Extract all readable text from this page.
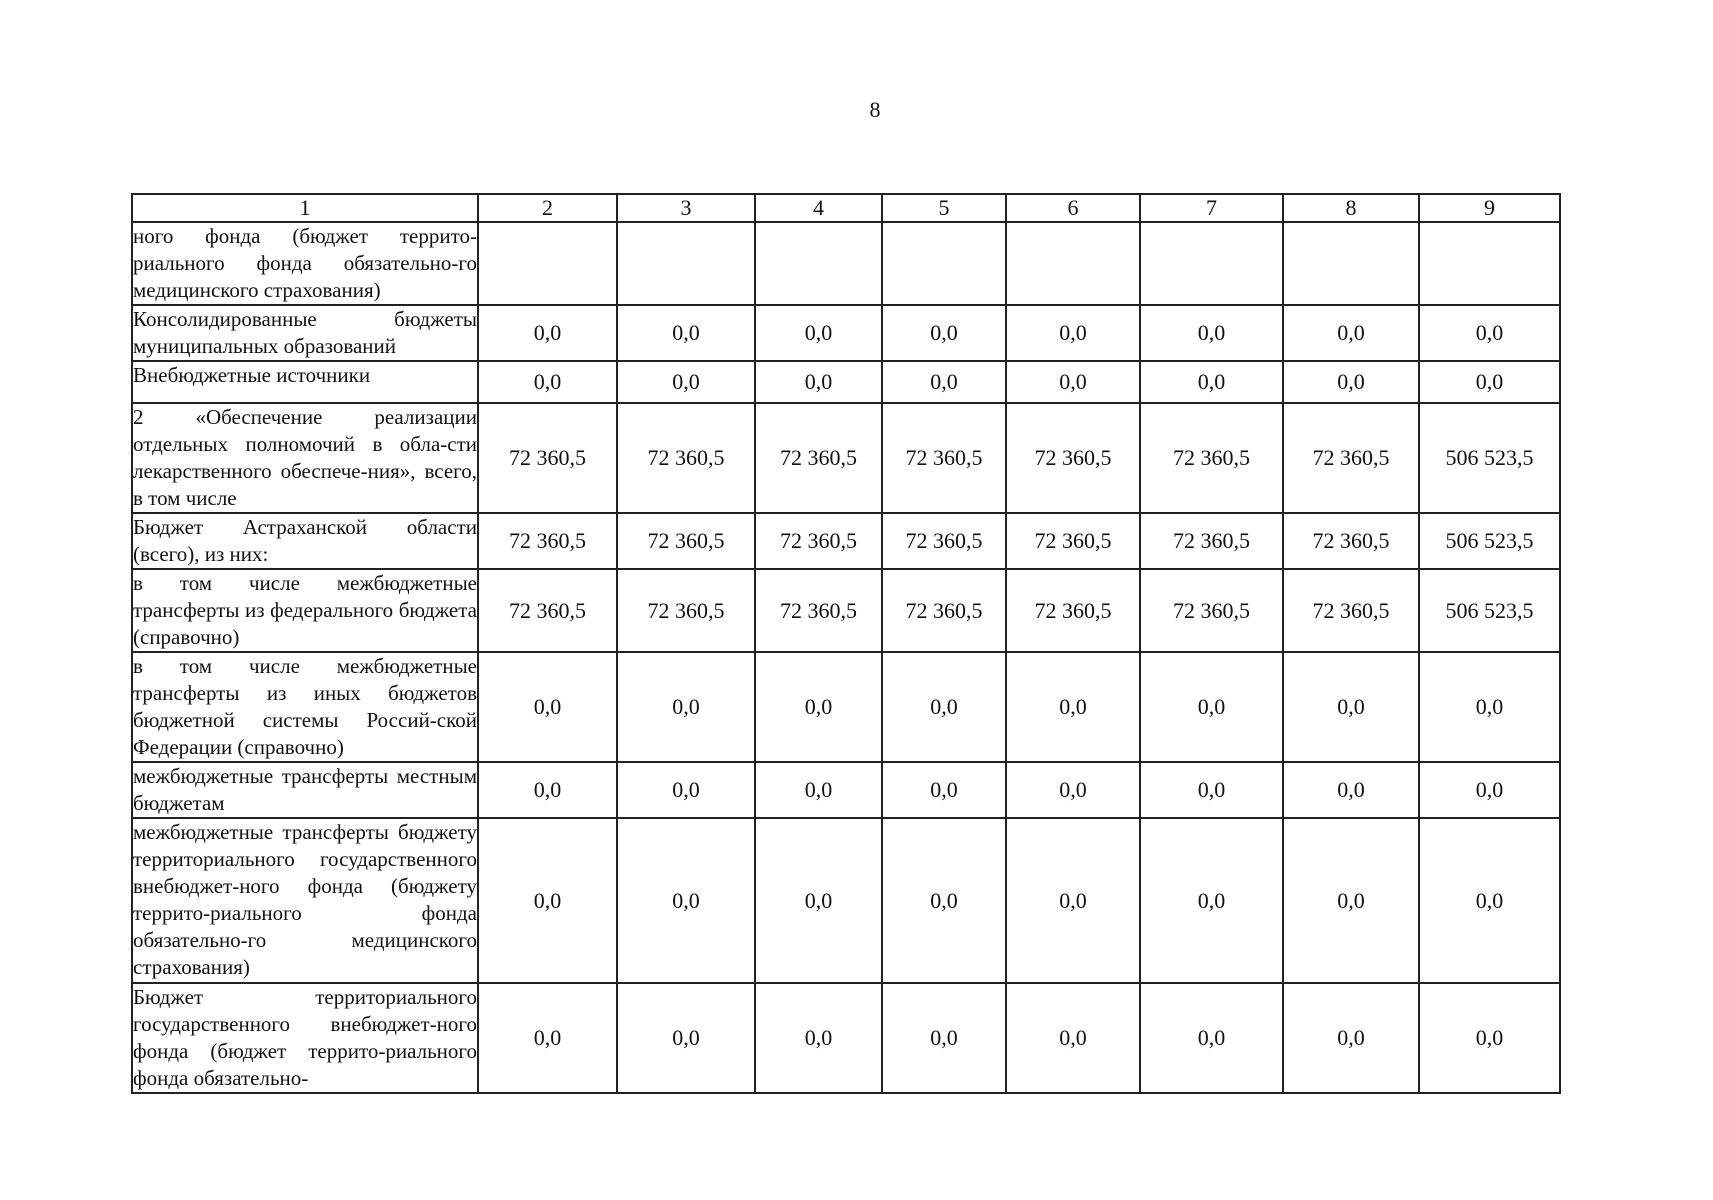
8
1	2	3	4	5	6	7	8	9
ного фонда (бюджет террито-риального фонда обязательно-го медицинского страхования)								
Консолидированные бюджеты муниципальных образований	0,0	0,0	0,0	0,0	0,0	0,0	0,0	0,0
Внебюджетные источники	0,0	0,0	0,0	0,0	0,0	0,0	0,0	0,0
2 «Обеспечение реализации отдельных полномочий в обла-сти лекарственного обеспече-ния», всего, в том числе	72 360,5	72 360,5	72 360,5	72 360,5	72 360,5	72 360,5	72 360,5	506 523,5
Бюджет Астраханской области (всего), из них:	72 360,5	72 360,5	72 360,5	72 360,5	72 360,5	72 360,5	72 360,5	506 523,5
в том числе межбюджетные трансферты из федерального бюджета (справочно)	72 360,5	72 360,5	72 360,5	72 360,5	72 360,5	72 360,5	72 360,5	506 523,5
в том числе межбюджетные трансферты из иных бюджетов бюджетной системы Россий-ской Федерации (справочно)	0,0	0,0	0,0	0,0	0,0	0,0	0,0	0,0
межбюджетные трансферты местным бюджетам	0,0	0,0	0,0	0,0	0,0	0,0	0,0	0,0
межбюджетные трансферты бюджету территориального государственного внебюджет-ного фонда (бюджету террито-риального фонда обязательно-го медицинского страхования)	0,0	0,0	0,0	0,0	0,0	0,0	0,0	0,0
Бюджет территориального государственного внебюджет-ного фонда (бюджет террито-риального фонда обязательно-	0,0	0,0	0,0	0,0	0,0	0,0	0,0	0,0
